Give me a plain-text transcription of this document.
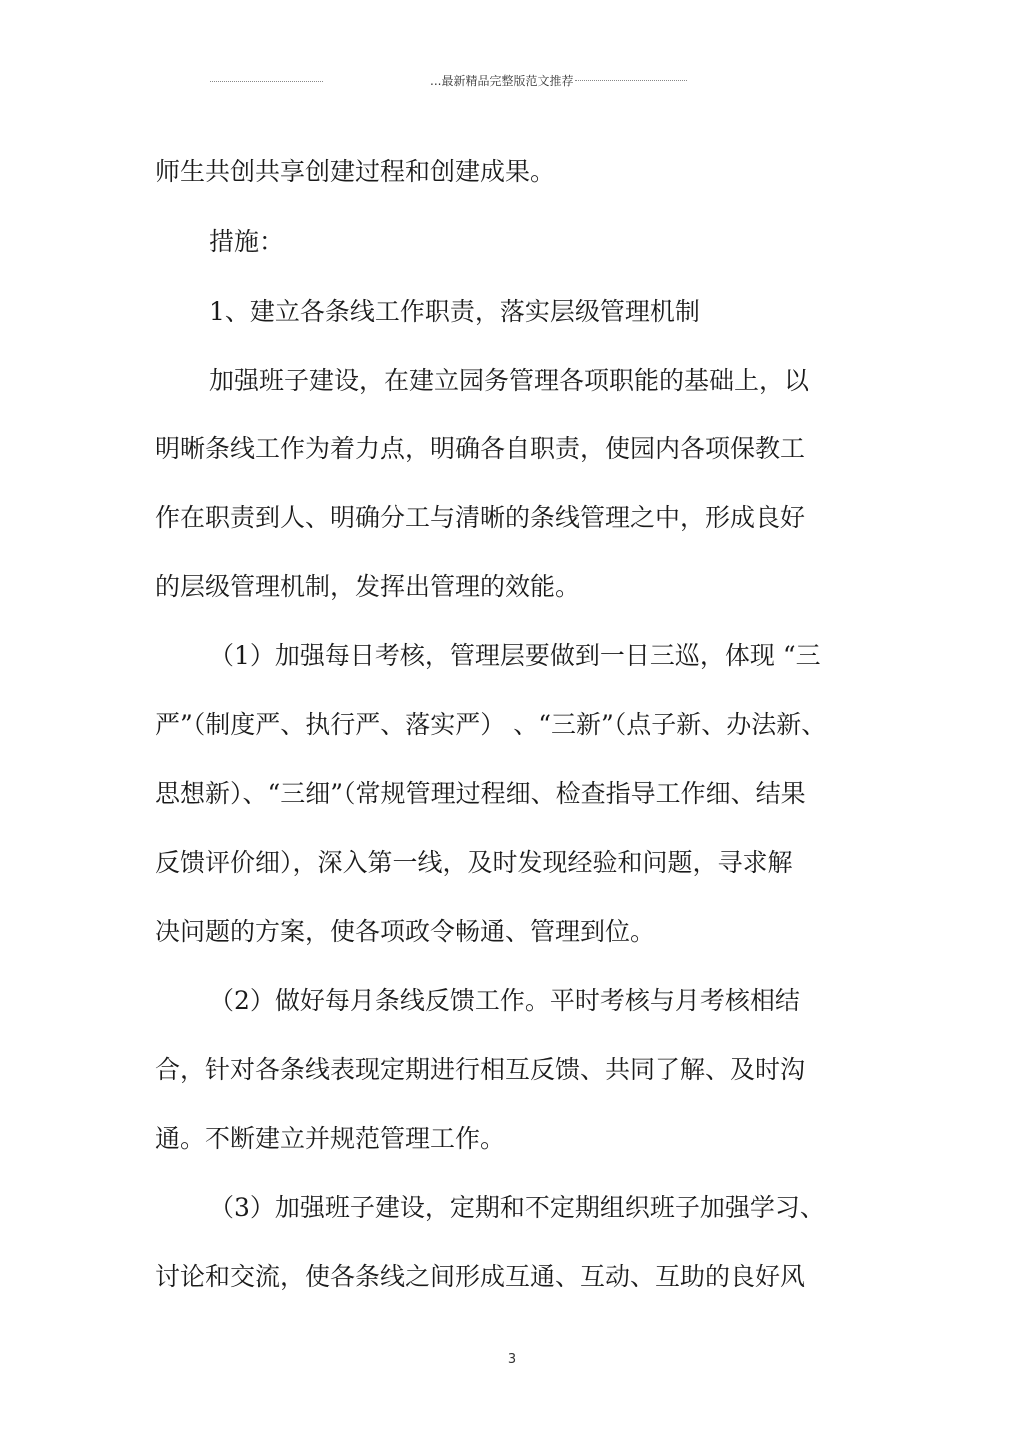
...最新精品完整版范文推荐
师生共创共享创建过程和创建成果。
措施：
1、建立各条线工作职责，落实层级管理机制
加强班子建设，在建立园务管理各项职能的基础上，以
明晰条线工作为着力点，明确各自职责，使园内各项保教工
作在职责到人、明确分工与清晰的条线管理之中，形成良好
的层级管理机制，发挥出管理的效能。
（1）加强每日考核，管理层要做到一日三巡，体现 “三
严”（制度严、执行严、落实严） 、“三新”（点子新、办法新、
思想新）、“三细”（常规管理过程细、检查指导工作细、结果
反馈评价细），深入第一线，及时发现经验和问题，寻求解
决问题的方案，使各项政令畅通、管理到位。
（2）做好每月条线反馈工作。平时考核与月考核相结
合，针对各条线表现定期进行相互反馈、共同了解、及时沟
通。不断建立并规范管理工作。
（3）加强班子建设，定期和不定期组织班子加强学习、
讨论和交流，使各条线之间形成互通、互动、互助的良好风
3
